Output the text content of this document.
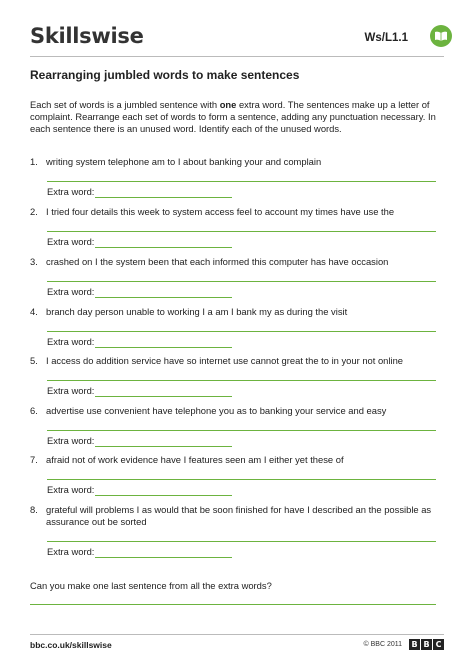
Skillswise	Ws/L1.1
Rearranging jumbled words to make sentences
Each set of words is a jumbled sentence with one extra word. The sentences make up a letter of complaint. Rearrange each set of words to form a sentence, adding any punctuation necessary. In each sentence there is an unused word. Identify each of the unused words.
1. writing system telephone am to I about banking your and complain
Extra word:
2. I tried four details this week to system access feel to account my times have use the
Extra word:
3. crashed on I the system been that each informed this computer has have occasion
Extra word:
4. branch day person unable to working I a am I bank my as during the visit
Extra word:
5. I access do addition service have so internet use cannot great the to in your not online
Extra word:
6. advertise use convenient have telephone you as to banking your service and easy
Extra word:
7. afraid not of work evidence have I features seen am I either yet these of
Extra word:
8. grateful will problems I as would that be soon finished for have I described an the possible as assurance out be sorted
Extra word:
Can you make one last sentence from all the extra words?
bbc.co.uk/skillswise	© BBC 2011	B B C
